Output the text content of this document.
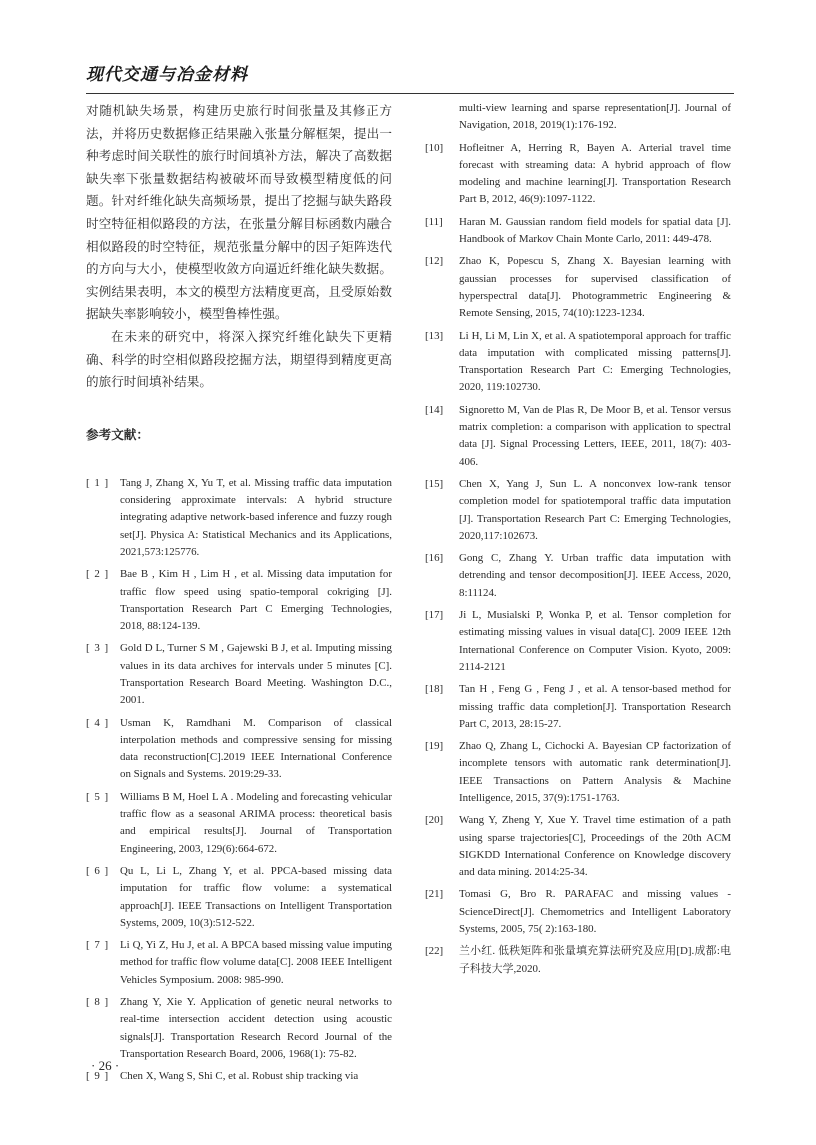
现代交通与冶金材料

对随机缺失场景，构建历史旅行时间张量及其修正方法，并将历史数据修正结果融入张量分解框架，提出一种考虑时间关联性的旅行时间填补方法，解决了高数据缺失率下张量数据结构被破坏而导致模型精度低的问题。针对纤维化缺失高频场景，提出了挖掘与缺失路段时空特征相似路段的方法，在张量分解目标函数内融合相似路段的时空特征，规范张量分解中的因子矩阵迭代的方向与大小，使模型收敛方向逼近纤维化缺失数据。实例结果表明，本文的模型方法精度更高，且受原始数据缺失率影响较小，模型鲁棒性强。

在未来的研究中，将深入探究纤维化缺失下更精确、科学的时空相似路段挖掘方法，期望得到精度更高的旅行时间填补结果。

参考文献：
[ 1 ] Tang J, Zhang X, Yu T, et al. Missing traffic data imputation considering approximate intervals: A hybrid structure integrating adaptive network-based inference and fuzzy rough set[J]. Physica A: Statistical Mechanics and its Applications, 2021,573:125776.
[ 2 ] Bae B , Kim H , Lim H , et al. Missing data imputation for traffic flow speed using spatio-temporal cokriging [J]. Transportation Research Part C Emerging Technologies, 2018, 88:124-139.
[ 3 ] Gold D L, Turner S M , Gajewski B J, et al. Imputing missing values in its data archives for intervals under 5 minutes [C]. Transportation Research Board Meeting. Washington D.C., 2001.
[ 4 ] Usman K, Ramdhani M. Comparison of classical interpolation methods and compressive sensing for missing data reconstruction[C].2019 IEEE International Conference on Signals and Systems. 2019:29-33.
[ 5 ] Williams B M, Hoel L A . Modeling and forecasting vehicular traffic flow as a seasonal ARIMA process: theoretical basis and empirical results[J]. Journal of Transportation Engineering, 2003, 129(6):664-672.
[ 6 ] Qu L, Li L, Zhang Y, et al. PPCA-based missing data imputation for traffic flow volume: a systematical approach[J]. IEEE Transactions on Intelligent Transportation Systems, 2009, 10(3):512-522.
[ 7 ] Li Q, Yi Z, Hu J, et al. A BPCA based missing value imputing method for traffic flow volume data[C]. 2008 IEEE Intelligent Vehicles Symposium. 2008: 985-990.
[ 8 ] Zhang Y, Xie Y. Application of genetic neural networks to real-time intersection accident detection using acoustic signals[J]. Transportation Research Record Journal of the Transportation Research Board, 2006, 1968(1): 75-82.
[ 9 ] Chen X, Wang S, Shi C, et al. Robust ship tracking via
multi-view learning and sparse representation[J]. Journal of Navigation, 2018, 2019(1):176-192.
[10]	Hofleitner A, Herring R, Bayen A. Arterial travel time forecast with streaming data: A hybrid approach of flow modeling and machine learning[J]. Transportation Research Part B, 2012, 46(9):1097-1122.
[11]	Haran M. Gaussian random field models for spatial data [J]. Handbook of Markov Chain Monte Carlo, 2011: 449-478.
[12]	Zhao K, Popescu S, Zhang X. Bayesian learning with gaussian processes for supervised classification of hyperspectral data[J]. Photogrammetric Engineering & Remote Sensing, 2015, 74(10):1223-1234.
[13]	Li H, Li M, Lin X, et al. A spatiotemporal approach for traffic data imputation with complicated missing patterns[J]. Transportation Research Part C: Emerging Technologies, 2020, 119:102730.
[14]	Signoretto M, Van de Plas R, De Moor B, et al. Tensor versus matrix completion: a comparison with application to spectral data [J]. Signal Processing Letters, IEEE, 2011, 18(7): 403-406.
[15]	Chen X, Yang J, Sun L. A nonconvex low-rank tensor completion model for spatiotemporal traffic data imputation [J]. Transportation Research Part C: Emerging Technologies, 2020,117:102673.
[16]	Gong C, Zhang Y. Urban traffic data imputation with detrending and tensor decomposition[J]. IEEE Access, 2020, 8:11124.
[17]	Ji L, Musialski P, Wonka P, et al. Tensor completion for estimating missing values in visual data[C]. 2009 IEEE 12th International Conference on Computer Vision. Kyoto, 2009: 2114-2121
[18]	Tan H , Feng G , Feng J , et al. A tensor-based method for missing traffic data completion[J]. Transportation Research Part C, 2013, 28:15-27.
[19]	Zhao Q, Zhang L, Cichocki A. Bayesian CP factorization of incomplete tensors with automatic rank determination[J]. IEEE Transactions on Pattern Analysis & Machine Intelligence, 2015, 37(9):1751-1763.
[20]	Wang Y, Zheng Y, Xue Y. Travel time estimation of a path using sparse trajectories[C], Proceedings of the 20th ACM SIGKDD International Conference on Knowledge discovery and data mining. 2014:25-34.
[21]	Tomasi G, Bro R. PARAFAC and missing values - ScienceDirect[J]. Chemometrics and Intelligent Laboratory Systems, 2005, 75( 2):163-180.
[22]	兰小红. 低秩矩阵和张量填充算法研究及应用[D].成都:电子科技大学,2020.
· 26 ·
